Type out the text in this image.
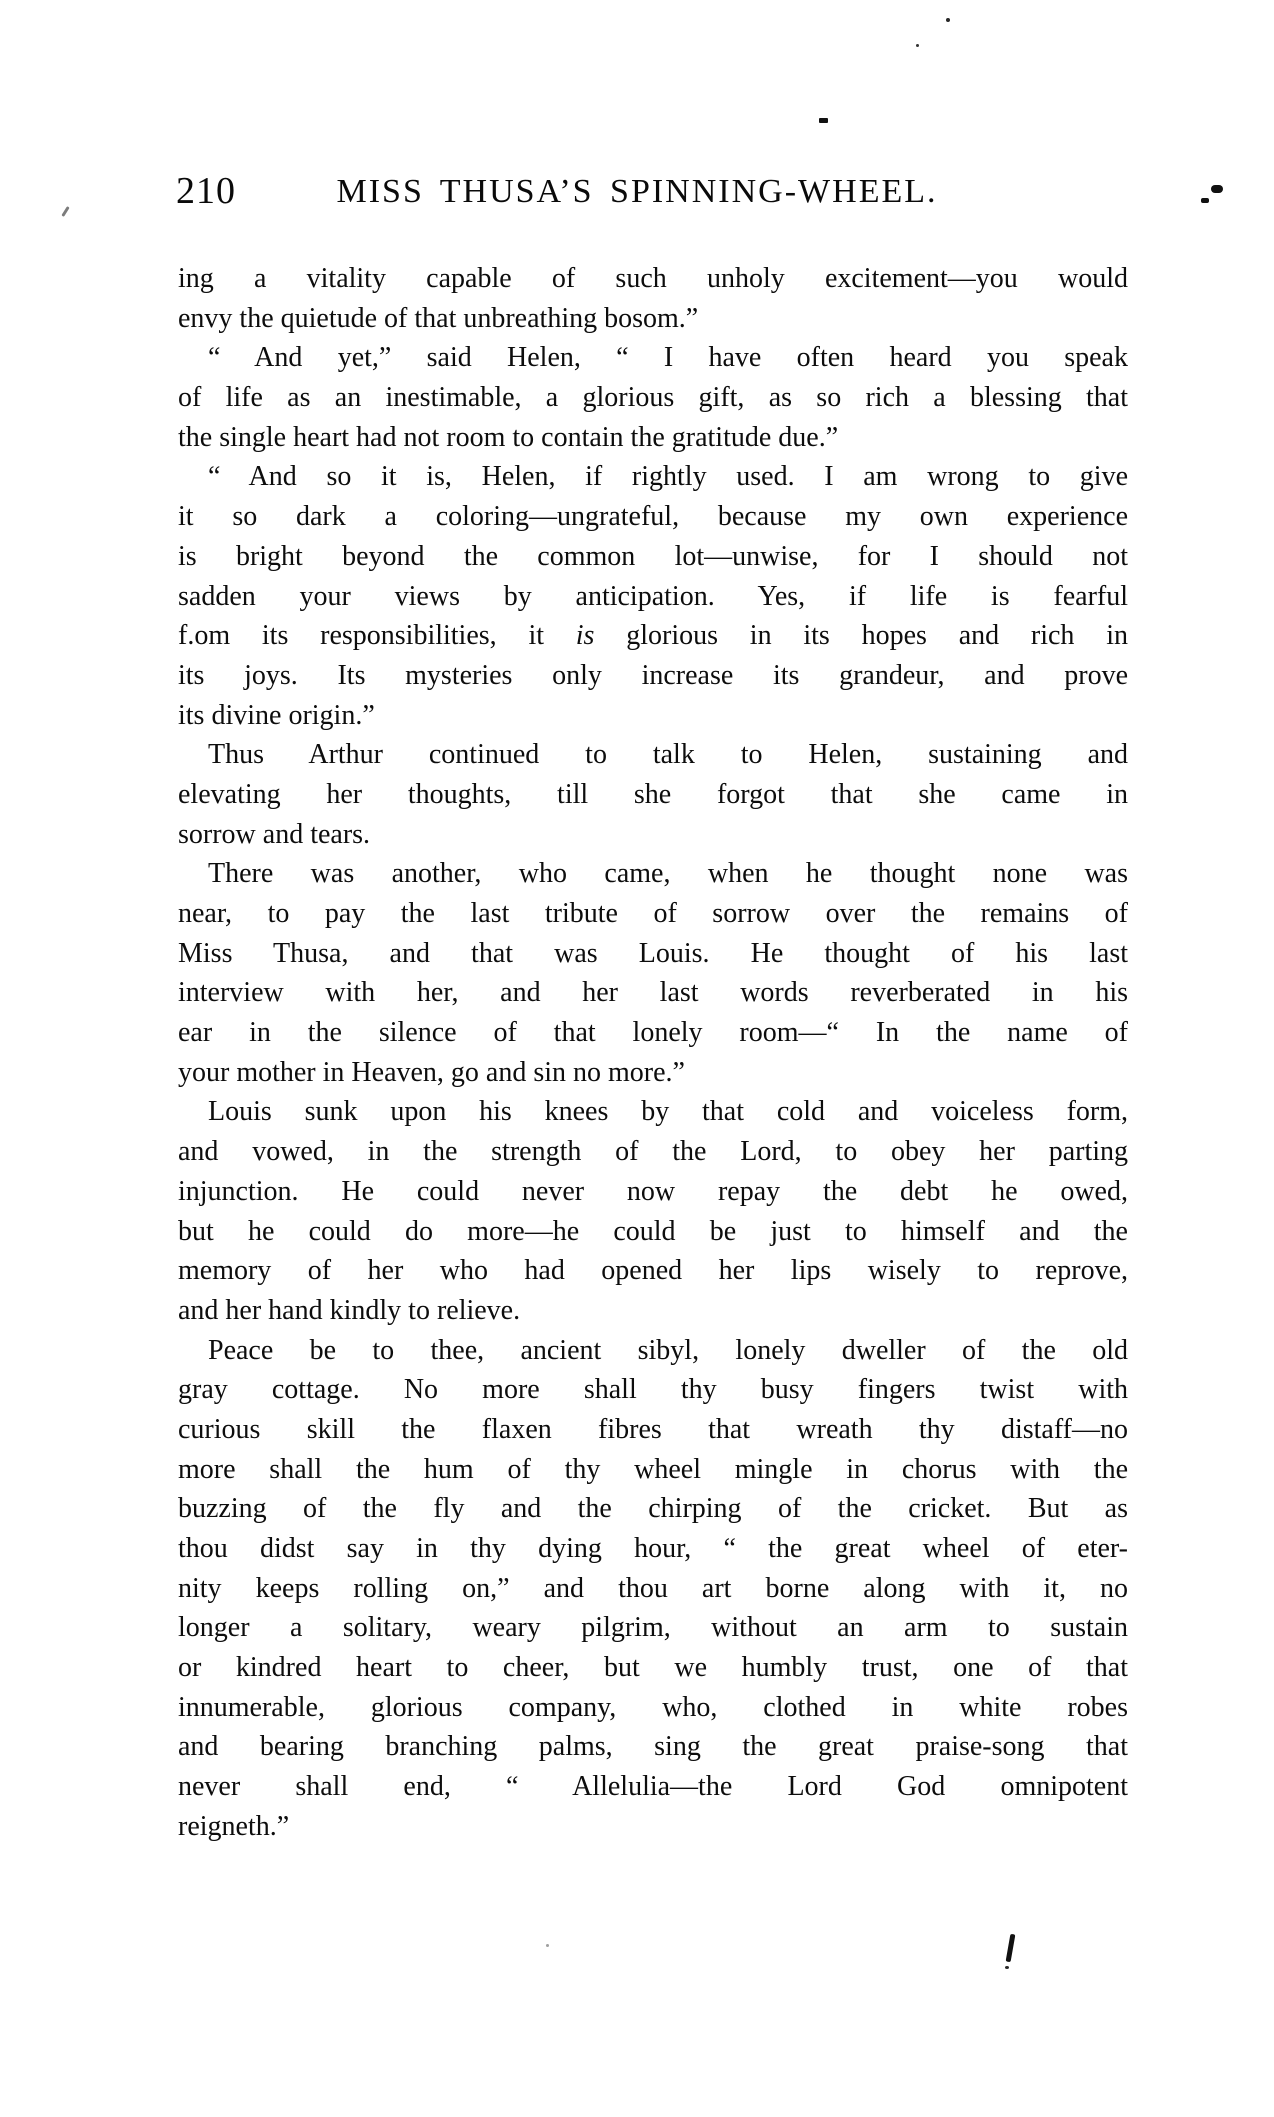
210	MISS THUSA’S SPINNING-WHEEL.
ing a vitality capable of such unholy excitement—you would
envy the quietude of that unbreathing bosom.”
“ And yet,” said Helen, “ I have often heard you speak
of life as an inestimable, a glorious gift, as so rich a blessing that
the single heart had not room to contain the gratitude due.”
“ And so it is, Helen, if rightly used. I am wrong to give
it so dark a coloring—ungrateful, because my own experience
is bright beyond the common lot—unwise, for I should not
sadden your views by anticipation. Yes, if life is fearful
f.om its responsibilities, it is glorious in its hopes and rich in
its joys. Its mysteries only increase its grandeur, and prove
its divine origin.”
Thus Arthur continued to talk to Helen, sustaining and
elevating her thoughts, till she forgot that she came in
sorrow and tears.
There was another, who came, when he thought none was
near, to pay the last tribute of sorrow over the remains of
Miss Thusa, and that was Louis. He thought of his last
interview with her, and her last words reverberated in his
ear in the silence of that lonely room—“ In the name of
your mother in Heaven, go and sin no more.”
Louis sunk upon his knees by that cold and voiceless form,
and vowed, in the strength of the Lord, to obey her parting
injunction. He could never now repay the debt he owed,
but he could do more—he could be just to himself and the
memory of her who had opened her lips wisely to reprove,
and her hand kindly to relieve.
Peace be to thee, ancient sibyl, lonely dweller of the old
gray cottage. No more shall thy busy fingers twist with
curious skill the flaxen fibres that wreath thy distaff—no
more shall the hum of thy wheel mingle in chorus with the
buzzing of the fly and the chirping of the cricket. But as
thou didst say in thy dying hour, “ the great wheel of eter-
nity keeps rolling on,” and thou art borne along with it, no
longer a solitary, weary pilgrim, without an arm to sustain
or kindred heart to cheer, but we humbly trust, one of that
innumerable, glorious company, who, clothed in white robes
and bearing branching palms, sing the great praise-song that
never shall end, “ Allelulia—the Lord God omnipotent
reigneth.”
